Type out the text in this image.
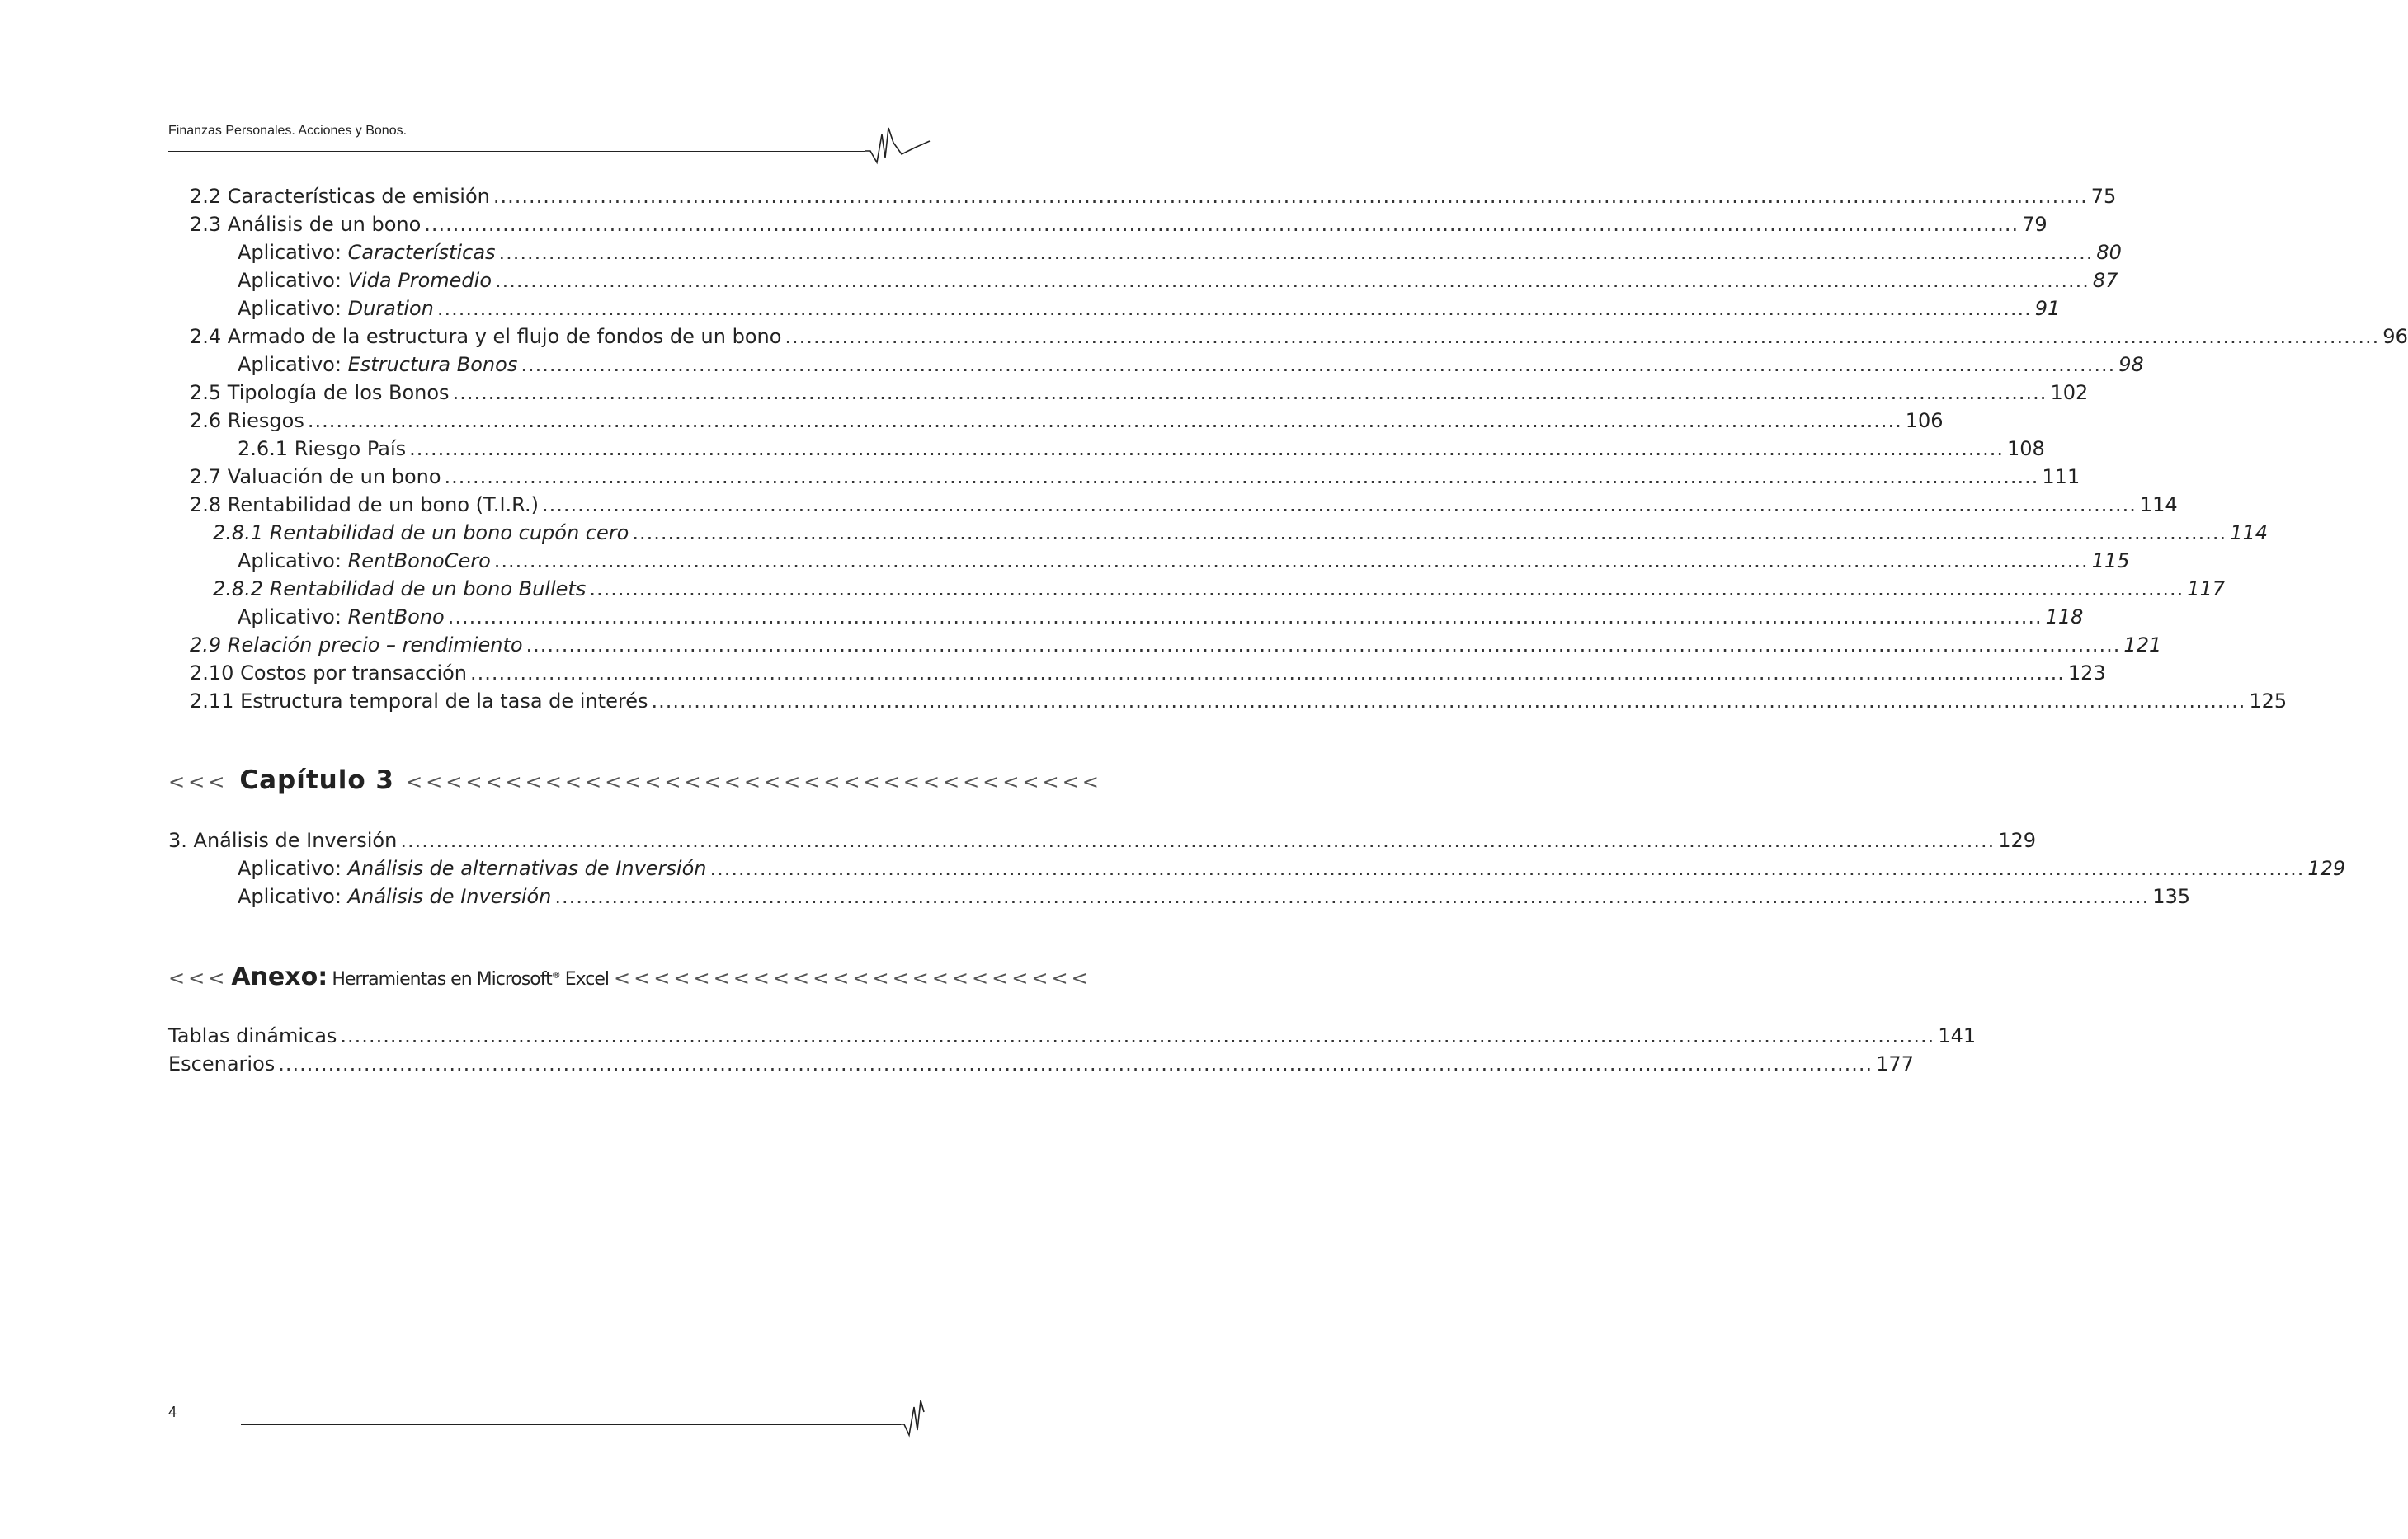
Finanzas Personales. Acciones y Bonos.
2.2 Características de emisión .....	75
2.3 Análisis de un bono .....	79
Aplicativo: Características .....	80
Aplicativo: Vida Promedio .....	87
Aplicativo: Duration .....	91
2.4 Armado de la estructura y el flujo de fondos de un bono .....	96
Aplicativo: Estructura Bonos .....	98
2.5 Tipología de los Bonos .....	102
2.6 Riesgos .....	106
2.6.1 Riesgo País .....	108
2.7 Valuación de un bono .....	111
2.8 Rentabilidad de un bono (T.I.R.) .....	114
2.8.1 Rentabilidad de un bono cupón cero .....	114
Aplicativo: RentBonoCero .....	115
2.8.2 Rentabilidad de un bono Bullets .....	117
Aplicativo: RentBono .....	118
2.9 Relación precio – rendimiento .....	121
2.10 Costos por transacción .....	123
2.11 Estructura temporal de la tasa de interés .....	125
<<< Capítulo 3 <<<<<<<<<<<<<<<<<<<<<<<<<<<<<<<<<<<
3. Análisis de Inversión .....	129
Aplicativo: Análisis de alternativas de Inversión .....	129
Aplicativo: Análisis de Inversión .....	135
<<< Anexo: Herramientas en Microsoft® Excel <<<<<<<<<<<<<<<<<<<<<<<<
Tablas dinámicas .....	141
Escenarios .....	177
4
